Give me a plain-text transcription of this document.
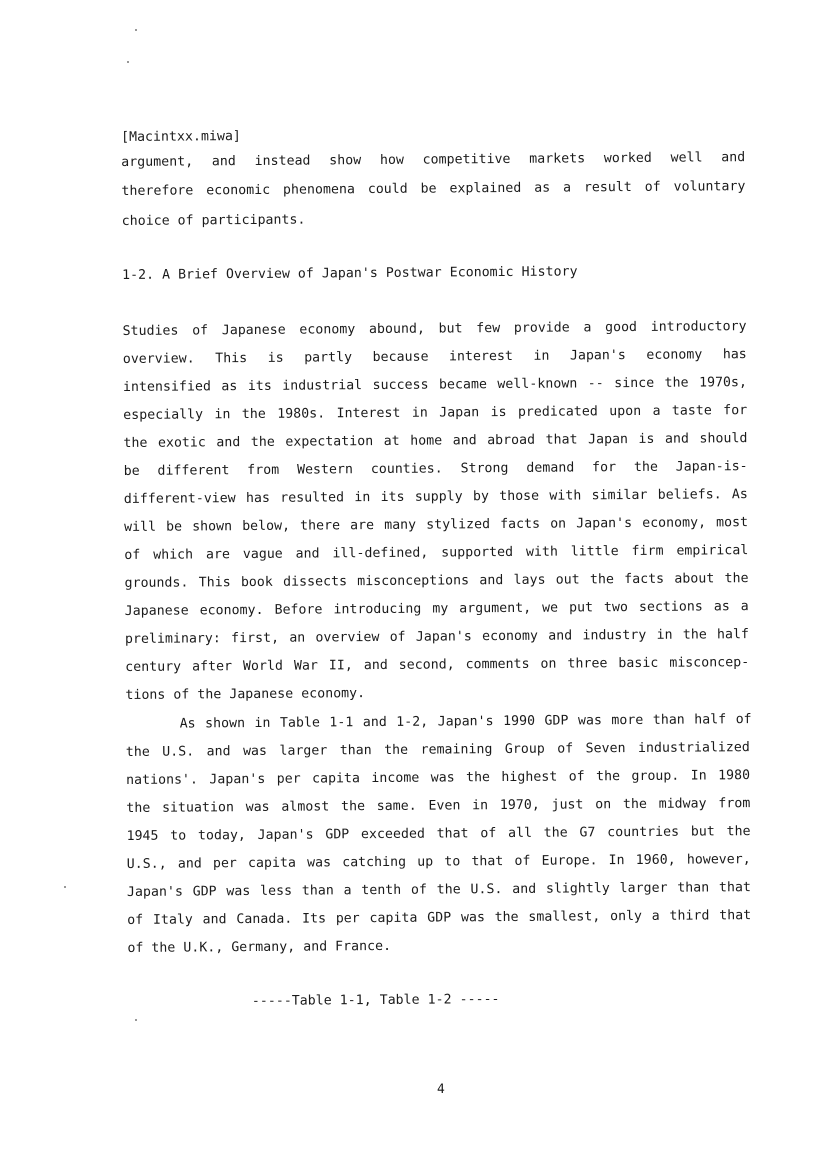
[Macintxx.miwa]
argument, and instead show how competitive markets worked well and
therefore economic phenomena could be explained as a result of voluntary
choice of participants.
1-2. A Brief Overview of Japan's Postwar Economic History
Studies of Japanese economy abound, but few provide a good introductory
overview. This is partly because interest in Japan's economy has
intensified as its industrial success became well-known -- since the 1970s,
especially in the 1980s. Interest in Japan is predicated upon a taste for
the exotic and the expectation at home and abroad that Japan is and should
be different from Western counties. Strong demand for the Japan-is-
different-view has resulted in its supply by those with similar beliefs. As
will be shown below, there are many stylized facts on Japan's economy, most
of which are vague and ill-defined, supported with little firm empirical
grounds. This book dissects misconceptions and lays out the facts about the
Japanese economy. Before introducing my argument, we put two sections as a
preliminary: first, an overview of Japan's economy and industry in the half
century after World War II, and second, comments on three basic misconcep-
tions of the Japanese economy.
As shown in Table 1-1 and 1-2, Japan's 1990 GDP was more than half of
the U.S. and was larger than the remaining Group of Seven industrialized
nations'. Japan's per capita income was the highest of the group. In 1980
the situation was almost the same. Even in 1970, just on the midway from
1945 to today, Japan's GDP exceeded that of all the G7 countries but the
U.S., and per capita was catching up to that of Europe. In 1960, however,
Japan's GDP was less than a tenth of the U.S. and slightly larger than that
of Italy and Canada. Its per capita GDP was the smallest, only a third that
of the U.K., Germany, and France.
-----Table 1-1, Table 1-2 -----
4
